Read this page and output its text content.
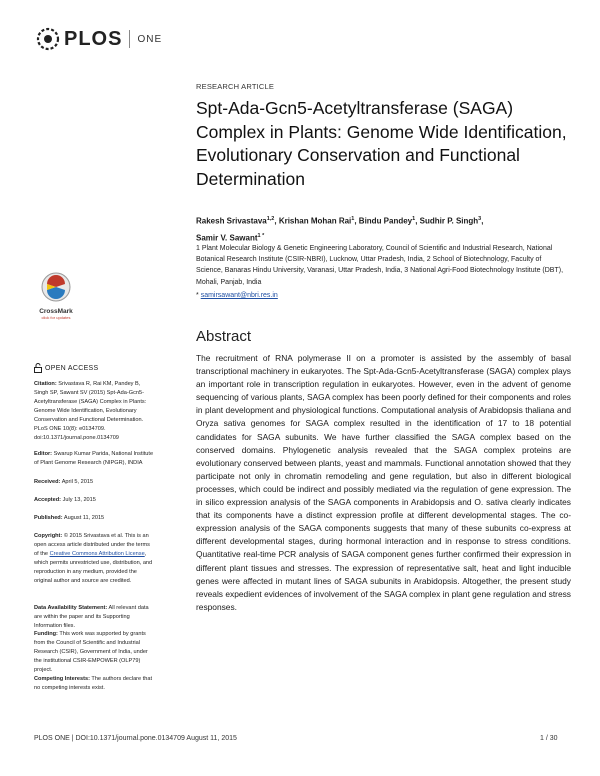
PLOS ONE
RESEARCH ARTICLE
Spt-Ada-Gcn5-Acetyltransferase (SAGA) Complex in Plants: Genome Wide Identification, Evolutionary Conservation and Functional Determination
Rakesh Srivastava$^{1,2}$, Krishan Mohan Rai$^1$, Bindu Pandey$^1$, Sudhir P. Singh$^3$,
Samir V. Sawant$^{1 *}$
1 Plant Molecular Biology & Genetic Engineering Laboratory, Council of Scientific and Industrial Research, National Botanical Research Institute (CSIR-NBRI), Lucknow, Uttar Pradesh, India, 2 School of Biotechnology, Faculty of Science, Banaras Hindu University, Varanasi, Uttar Pradesh, India, 3 National Agri-Food Biotechnology Institute (DBT), Mohali, Panjab, India
* samirsawant@nbri.res.in
CrossMark
click for updates
Abstract
The recruitment of RNA polymerase II on a promoter is assisted by the assembly of basal transcriptional machinery in eukaryotes. The Spt-Ada-Gcn5-Acetyltransferase (SAGA) complex plays an important role in transcription regulation in eukaryotes. However, even in the advent of genome sequencing of various plants, SAGA complex has been poorly defined for their components and roles in plant development and physiological functions. Computational analysis of Arabidopsis thaliana and Oryza sativa genomes for SAGA complex resulted in the identification of 17 to 18 potential candidates for SAGA subunits. We have further classified the SAGA complex based on the conserved domains. Phylogenetic analysis revealed that the SAGA complex proteins are evolutionary conserved between plants, yeast and mammals. Functional annotation showed that they participate not only in chromatin remodeling and gene regulation, but also in different biological processes, which could be indirect and possibly mediated via the regulation of gene expression. The in silico expression analysis of the SAGA components in Arabidopsis and O. sativa clearly indicates that its components have a distinct expression profile at different developmental stages. The co-expression analysis of the SAGA components suggests that many of these subunits co-express at different developmental stages, during hormonal interaction and in response to stress conditions. Quantitative real-time PCR analysis of SAGA component genes further confirmed their expression in different plant tissues and stresses. The expression of representative salt, heat and light inducible genes were affected in mutant lines of SAGA subunits in Arabidopsis. Altogether, the present study reveals expedient evidences of involvement of the SAGA complex in plant gene regulation and stress responses.
OPEN ACCESS
Citation: Srivastava R, Rai KM, Pandey B, Singh SP, Sawant SV (2015) Spt-Ada-Gcn5-Acetyltransferase (SAGA) Complex in Plants: Genome Wide Identification, Evolutionary Conservation and Functional Determination. PLoS ONE 10(8): e0134709. doi:10.1371/journal.pone.0134709
Editor: Swarup Kumar Parida, National Institute of Plant Genome Research (NIPGR), INDIA
Received: April 5, 2015
Accepted: July 13, 2015
Published: August 11, 2015
Copyright: © 2015 Srivastava et al. This is an open access article distributed under the terms of the Creative Commons Attribution License, which permits unrestricted use, distribution, and reproduction in any medium, provided the original author and source are credited.
Data Availability Statement: All relevant data are within the paper and its Supporting Information files.
Funding: This work was supported by grants from the Council of Scientific and Industrial Research (CSIR), Government of India, under the institutional CSIR-EMPOWER (OLP79) project.
Competing Interests: The authors declare that no competing interests exist.
PLOS ONE | DOI:10.1371/journal.pone.0134709 August 11, 2015	1 / 30
